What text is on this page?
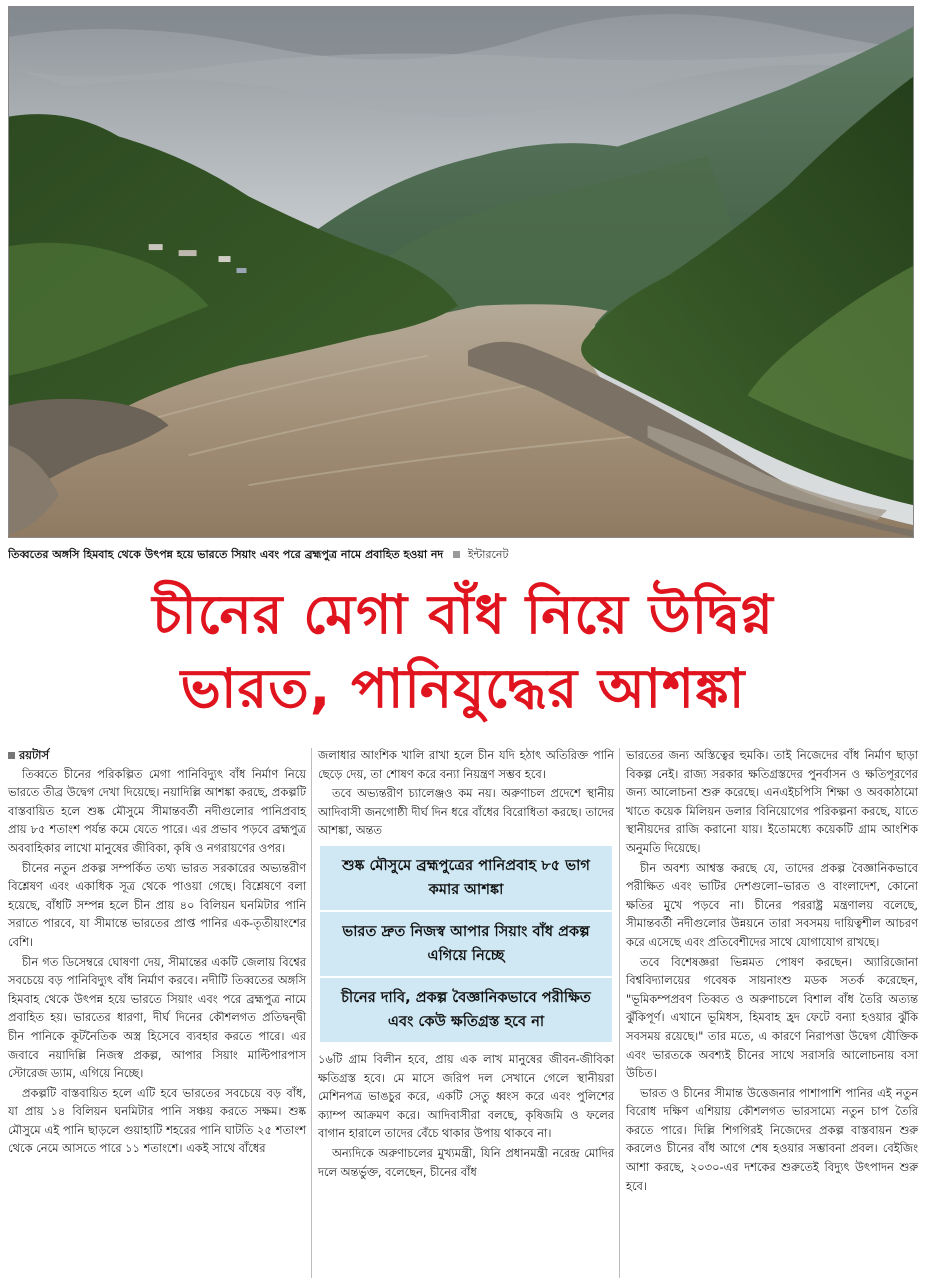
তিব্বতের অঙ্গসি হিমবাহ থেকে উৎপন্ন হয়ে ভারতে সিয়াং এবং পরে ব্রহ্মপুত্র নামে প্রবাহিত হওয়া নদ ইন্টারনেট
চীনের মেগা বাঁধ নিয়ে উদ্বিগ্ন
ভারত, পানিযুদ্ধের আশঙ্কা
রয়টার্স

তিব্বতে চীনের পরিকল্পিত মেগা পানিবিদ্যুৎ বাঁধ নির্মাণ নিয়ে ভারতে তীব্র উদ্বেগ দেখা দিয়েছে। নয়াদিল্লি আশঙ্কা করছে, প্রকল্পটি বাস্তবায়িত হলে শুষ্ক মৌসুমে সীমান্তবর্তী নদীগুলোর পানিপ্রবাহ প্রায় ৮৫ শতাংশ পর্যন্ত কমে যেতে পারে। এর প্রভাব পড়বে ব্রহ্মপুত্র অববাহিকার লাখো মানুষের জীবিকা, কৃষি ও নগরায়ণের ওপর।

চীনের নতুন প্রকল্প সম্পর্কিত তথ্য ভারত সরকারের অভ্যন্তরীণ বিশ্লেষণ এবং একাধিক সূত্র থেকে পাওয়া গেছে। বিশ্লেষণে বলা হয়েছে, বাঁধটি সম্পন্ন হলে চীন প্রায় ৪০ বিলিয়ন ঘনমিটার পানি সরাতে পারবে, যা সীমান্তে ভারতের প্রাপ্ত পানির এক-তৃতীয়াংশের বেশি।

চীন গত ডিসেম্বরে ঘোষণা দেয়, সীমান্তের একটি জেলায় বিশ্বের সবচেয়ে বড় পানিবিদ্যুৎ বাঁধ নির্মাণ করবে। নদীটি তিব্বতের অঙ্গসি হিমবাহ থেকে উৎপন্ন হয়ে ভারতে সিয়াং এবং পরে ব্রহ্মপুত্র নামে প্রবাহিত হয়। ভারতের ধারণা, দীর্ঘ দিনের কৌশলগত প্রতিদ্বন্দ্বী চীন পানিকে কূটনৈতিক অস্ত্র হিসেবে ব্যবহার করতে পারে। এর জবাবে নয়াদিল্লি নিজস্ব প্রকল্প, আপার সিয়াং মাল্টিপারপাস স্টোরেজ ড্যাম, এগিয়ে নিচ্ছে।

প্রকল্পটি বাস্তবায়িত হলে এটি হবে ভারতের সবচেয়ে বড় বাঁধ, যা প্রায় ১৪ বিলিয়ন ঘনমিটার পানি সঞ্চয় করতে সক্ষম। শুষ্ক মৌসুমে এই পানি ছাড়লে গুয়াহাটি শহরের পানি ঘাটতি ২৫ শতাংশ থেকে নেমে আসতে পারে ১১ শতাংশে। একই সাথে বাঁধের

জলাধার আংশিক খালি রাখা হলে চীন যদি হঠাৎ অতিরিক্ত পানি ছেড়ে দেয়, তা শোষণ করে বন্যা নিয়ন্ত্রণ সম্ভব হবে।

তবে অভ্যন্তরীণ চ্যালেঞ্জও কম নয়। অরুণাচল প্রদেশে স্থানীয় আদিবাসী জনগোষ্ঠী দীর্ঘ দিন ধরে বাঁধের বিরোধিতা করছে। তাদের আশঙ্কা, অন্তত

শুষ্ক মৌসুমে ব্রহ্মপুত্রের পানিপ্রবাহ ৮৫ ভাগ কমার আশঙ্কা
ভারত দ্রুত নিজস্ব আপার সিয়াং বাঁধ প্রকল্প এগিয়ে নিচ্ছে
চীনের দাবি, প্রকল্প বৈজ্ঞানিকভাবে পরীক্ষিত এবং কেউ ক্ষতিগ্রস্ত হবে না

১৬টি গ্রাম বিলীন হবে, প্রায় এক লাখ মানুষের জীবন-জীবিকা ক্ষতিগ্রস্ত হবে। মে মাসে জরিপ দল সেখানে গেলে স্থানীয়রা মেশিনপত্র ভাঙচুর করে, একটি সেতু ধ্বংস করে এবং পুলিশের ক্যাম্প আক্রমণ করে। আদিবাসীরা বলছে, কৃষিজমি ও ফলের বাগান হারালে তাদের বেঁচে থাকার উপায় থাকবে না।

অন্যদিকে অরুণাচলের মুখ্যমন্ত্রী, যিনি প্রধানমন্ত্রী নরেন্দ্র মোদির দলে অন্তর্ভুক্ত, বলেছেন, চীনের বাঁধ

ভারতের জন্য অস্তিত্বের হুমকি। তাই নিজেদের বাঁধ নির্মাণ ছাড়া বিকল্প নেই। রাজ্য সরকার ক্ষতিগ্রস্তদের পুনর্বাসন ও ক্ষতিপূরণের জন্য আলোচনা শুরু করেছে। এনএইচপিসি শিক্ষা ও অবকাঠামো খাতে কয়েক মিলিয়ন ডলার বিনিয়োগের পরিকল্পনা করছে, যাতে স্থানীয়দের রাজি করানো যায়। ইতোমধ্যে কয়েকটি গ্রাম আংশিক অনুমতি দিয়েছে।

চীন অবশ্য আশ্বস্ত করছে যে, তাদের প্রকল্প বৈজ্ঞানিকভাবে পরীক্ষিত এবং ভাটির দেশগুলো–ভারত ও বাংলাদেশ, কোনো ক্ষতির মুখে পড়বে না। চীনের পররাষ্ট্র মন্ত্রণালয় বলেছে, সীমান্তবর্তী নদীগুলোর উন্নয়নে তারা সবসময় দায়িত্বশীল আচরণ করে এসেছে এবং প্রতিবেশীদের সাথে যোগাযোগ রাখছে।

তবে বিশেষজ্ঞরা ভিন্নমত পোষণ করছেন। অ্যারিজোনা বিশ্ববিদ্যালয়ের গবেষক সায়নাংশু মডক সতর্ক করেছেন, "ভূমিকম্পপ্রবণ তিব্বত ও অরুণাচলে বিশাল বাঁধ তৈরি অত্যন্ত ঝুঁকিপূর্ণ। এখানে ভূমিধস, হিমবাহ হ্রদ ফেটে বন্যা হওয়ার ঝুঁকি সবসময় রয়েছে।" তার মতে, এ কারণে নিরাপত্তা উদ্বেগ যৌক্তিক এবং ভারতকে অবশ্যই চীনের সাথে সরাসরি আলোচনায় বসা উচিত।

ভারত ও চীনের সীমান্ত উত্তেজনার পাশাপাশি পানির এই নতুন বিরোধ দক্ষিণ এশিয়ায় কৌশলগত ভারসাম্যে নতুন চাপ তৈরি করতে পারে। দিল্লি শিগগিরই নিজেদের প্রকল্প বাস্তবায়ন শুরু করলেও চীনের বাঁধ আগে শেষ হওয়ার সম্ভাবনা প্রবল। বেইজিং আশা করছে, ২০৩০-এর দশকের শুরুতেই বিদ্যুৎ উৎপাদন শুরু হবে।
